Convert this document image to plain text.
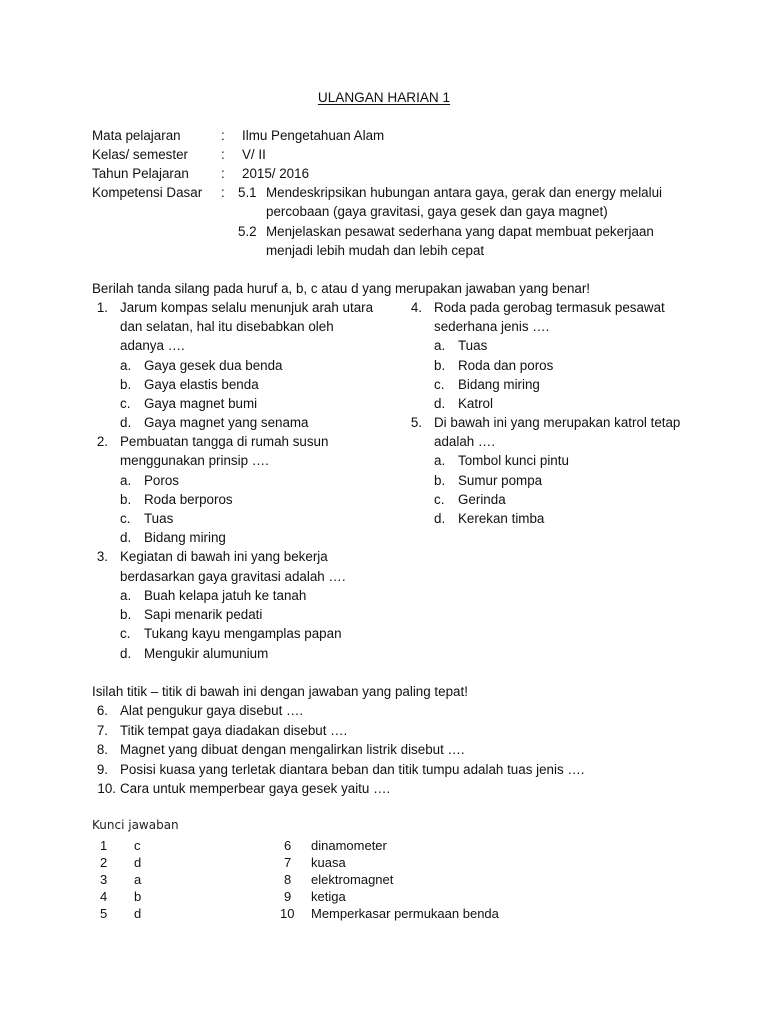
ULANGAN HARIAN 1
Mata pelajaran	: Ilmu Pengetahuan Alam
Kelas/ semester : V/ II
Tahun Pelajaran : 2015/ 2016
Kompetensi Dasar : 5.1 Mendeskripsikan hubungan antara gaya, gerak dan energy melalui
percobaan (gaya gravitasi, gaya gesek dan gaya magnet)
5.2 Menjelaskan pesawat sederhana yang dapat membuat pekerjaan
menjadi lebih mudah dan lebih cepat
Berilah tanda silang pada huruf a, b, c atau d yang merupakan jawaban yang benar!
1. Jarum kompas selalu menunjuk arah utara
dan selatan, hal itu disebabkan oleh
adanya ….
a. Gaya gesek dua benda
b. Gaya elastis benda
c. Gaya magnet bumi
d. Gaya magnet yang senama
2. Pembuatan tangga di rumah susun
menggunakan prinsip ….
a. Poros
b. Roda berporos
c. Tuas
d. Bidang miring
3. Kegiatan di bawah ini yang bekerja
berdasarkan gaya gravitasi adalah ….
a. Buah kelapa jatuh ke tanah
b. Sapi menarik pedati
c. Tukang kayu mengamplas papan
d. Mengukir alumunium
4. Roda pada gerobag termasuk pesawat
sederhana jenis ….
a. Tuas
b. Roda dan poros
c. Bidang miring
d. Katrol
5. Di bawah ini yang merupakan katrol tetap
adalah ….
a. Tombol kunci pintu
b. Sumur pompa
c. Gerinda
d. Kerekan timba
Isilah titik – titik di bawah ini dengan jawaban yang paling tepat!
6. Alat pengukur gaya disebut ….
7. Titik tempat gaya diadakan disebut ….
8. Magnet yang dibuat dengan mengalirkan listrik disebut ….
9. Posisi kuasa yang terletak diantara beban dan titik tumpu adalah tuas jenis ….
10. Cara untuk memperbear gaya gesek yaitu ….
Kunci jawaban
1 c
2 d
3 a
4 b
5 d
6 dinamometer
7 kuasa
8 elektromagnet
9 ketiga
10 Memperkasar permukaan benda
